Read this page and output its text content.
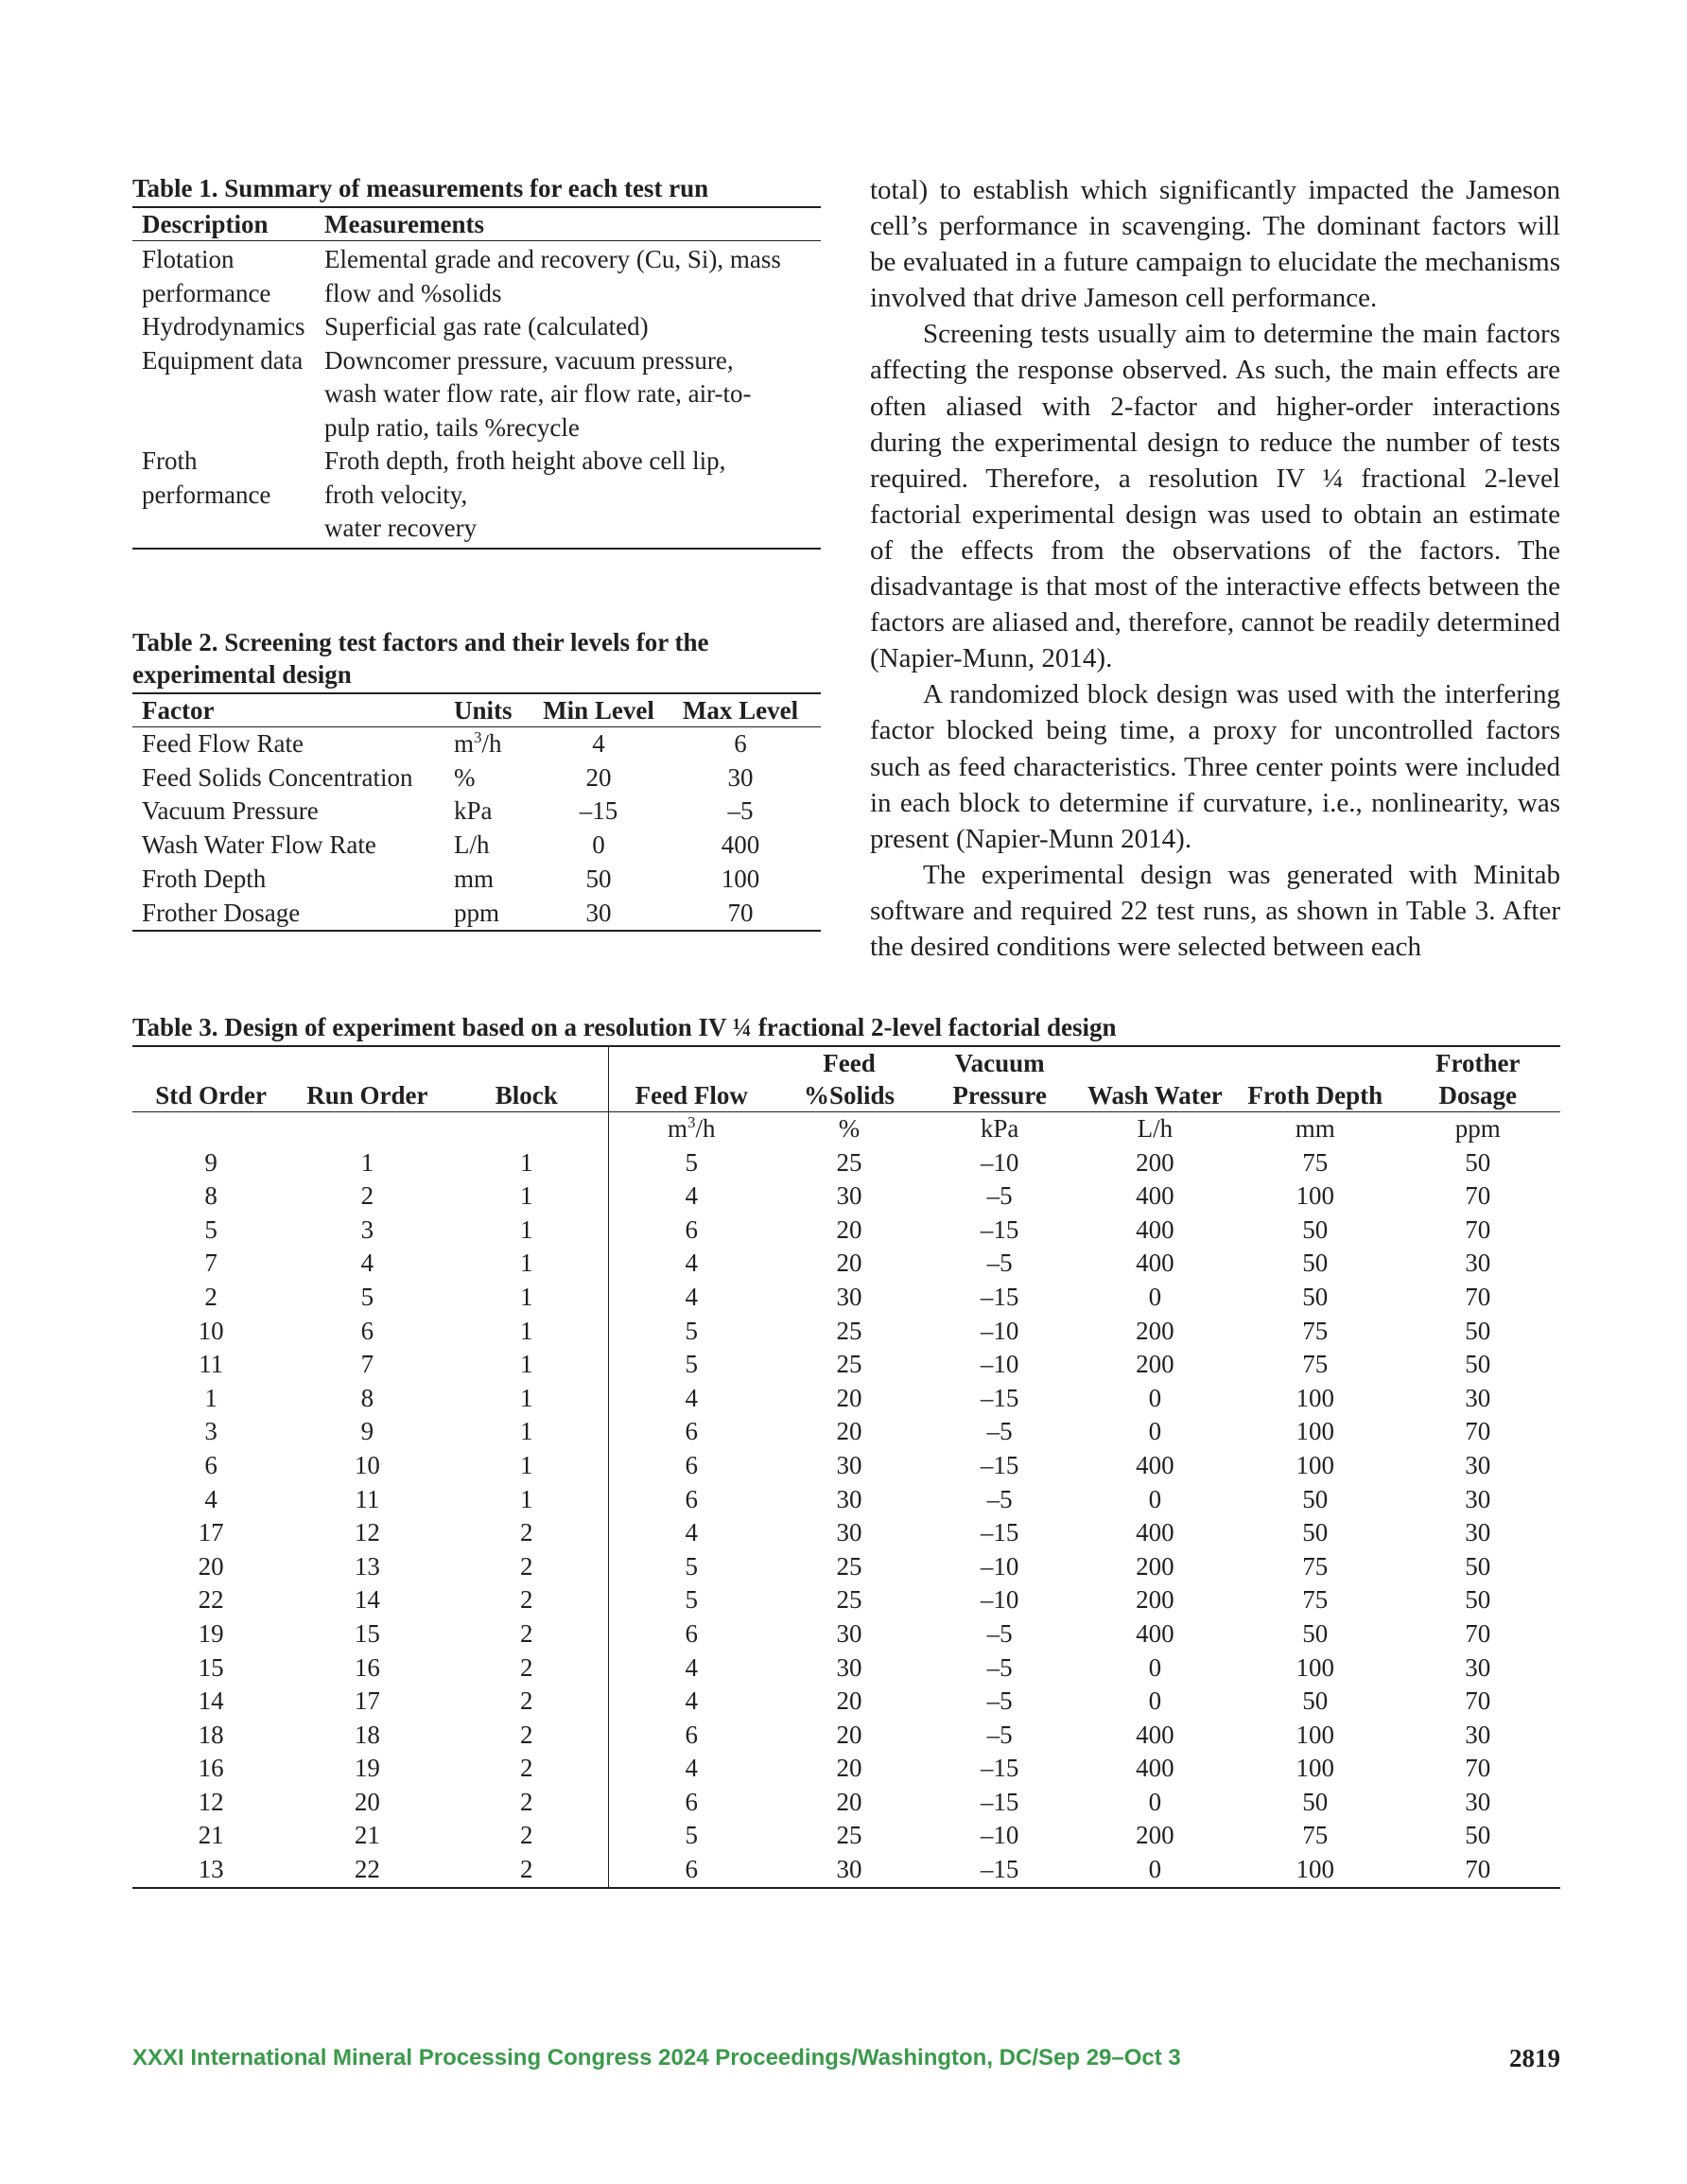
Table 1. Summary of measurements for each test run
Description	Measurements
Flotation
performance	Elemental grade and recovery (Cu, Si), mass
flow and %solids
Hydrodynamics	Superficial gas rate (calculated)
Equipment data	Downcomer pressure, vacuum pressure,
wash water flow rate, air flow rate, air-to-
pulp ratio, tails %recycle
Froth
performance	Froth depth, froth height above cell lip,
froth velocity,
water recovery
Table 2. Screening test factors and their levels for the experimental design
Factor	Units	Min Level	Max Level
Feed Flow Rate	$m^3/h$	4	6
Feed Solids Concentration	%	20	30
Vacuum Pressure	kPa	–15	–5
Wash Water Flow Rate	L/h	0	400
Froth Depth	mm	50	100
Frother Dosage	ppm	30	70

total) to establish which significantly impacted the Jameson cell’s performance in scavenging. The dominant factors will be evaluated in a future campaign to elucidate the mechanisms involved that drive Jameson cell performance.

Screening tests usually aim to determine the main factors affecting the response observed. As such, the main effects are often aliased with 2-factor and higher-order interactions during the experimental design to reduce the number of tests required. Therefore, a resolution IV ¼ fractional 2-level factorial experimental design was used to obtain an estimate of the effects from the observations of the factors. The disadvantage is that most of the interactive effects between the factors are aliased and, therefore, cannot be readily determined (Napier-Munn, 2014).

A randomized block design was used with the interfering factor blocked being time, a proxy for uncontrolled factors such as feed characteristics. Three center points were included in each block to determine if curvature, i.e., nonlinearity, was present (Napier-Munn 2014).

The experimental design was generated with Minitab software and required 22 test runs, as shown in Table 3. After the desired conditions were selected between each

Table 3. Design of experiment based on a resolution IV ¼ fractional 2-level factorial design
				Feed	Vacuum			Frother
Std Order	Run Order	Block	Feed Flow	%Solids	Pressure	Wash Water	Froth Depth	Dosage
			$m^3/h$	%	kPa	L/h	mm	ppm
9	1	1	5	25	–10	200	75	50
8	2	1	4	30	–5	400	100	70
5	3	1	6	20	–15	400	50	70
7	4	1	4	20	–5	400	50	30
2	5	1	4	30	–15	0	50	70
10	6	1	5	25	–10	200	75	50
11	7	1	5	25	–10	200	75	50
1	8	1	4	20	–15	0	100	30
3	9	1	6	20	–5	0	100	70
6	10	1	6	30	–15	400	100	30
4	11	1	6	30	–5	0	50	30
17	12	2	4	30	–15	400	50	30
20	13	2	5	25	–10	200	75	50
22	14	2	5	25	–10	200	75	50
19	15	2	6	30	–5	400	50	70
15	16	2	4	30	–5	0	100	30
14	17	2	4	20	–5	0	50	70
18	18	2	6	20	–5	400	100	30
16	19	2	4	20	–15	400	100	70
12	20	2	6	20	–15	0	50	30
21	21	2	5	25	–10	200	75	50
13	22	2	6	30	–15	0	100	70
XXXI International Mineral Processing Congress 2024 Proceedings/Washington, DC/Sep 29–Oct 3	2819
